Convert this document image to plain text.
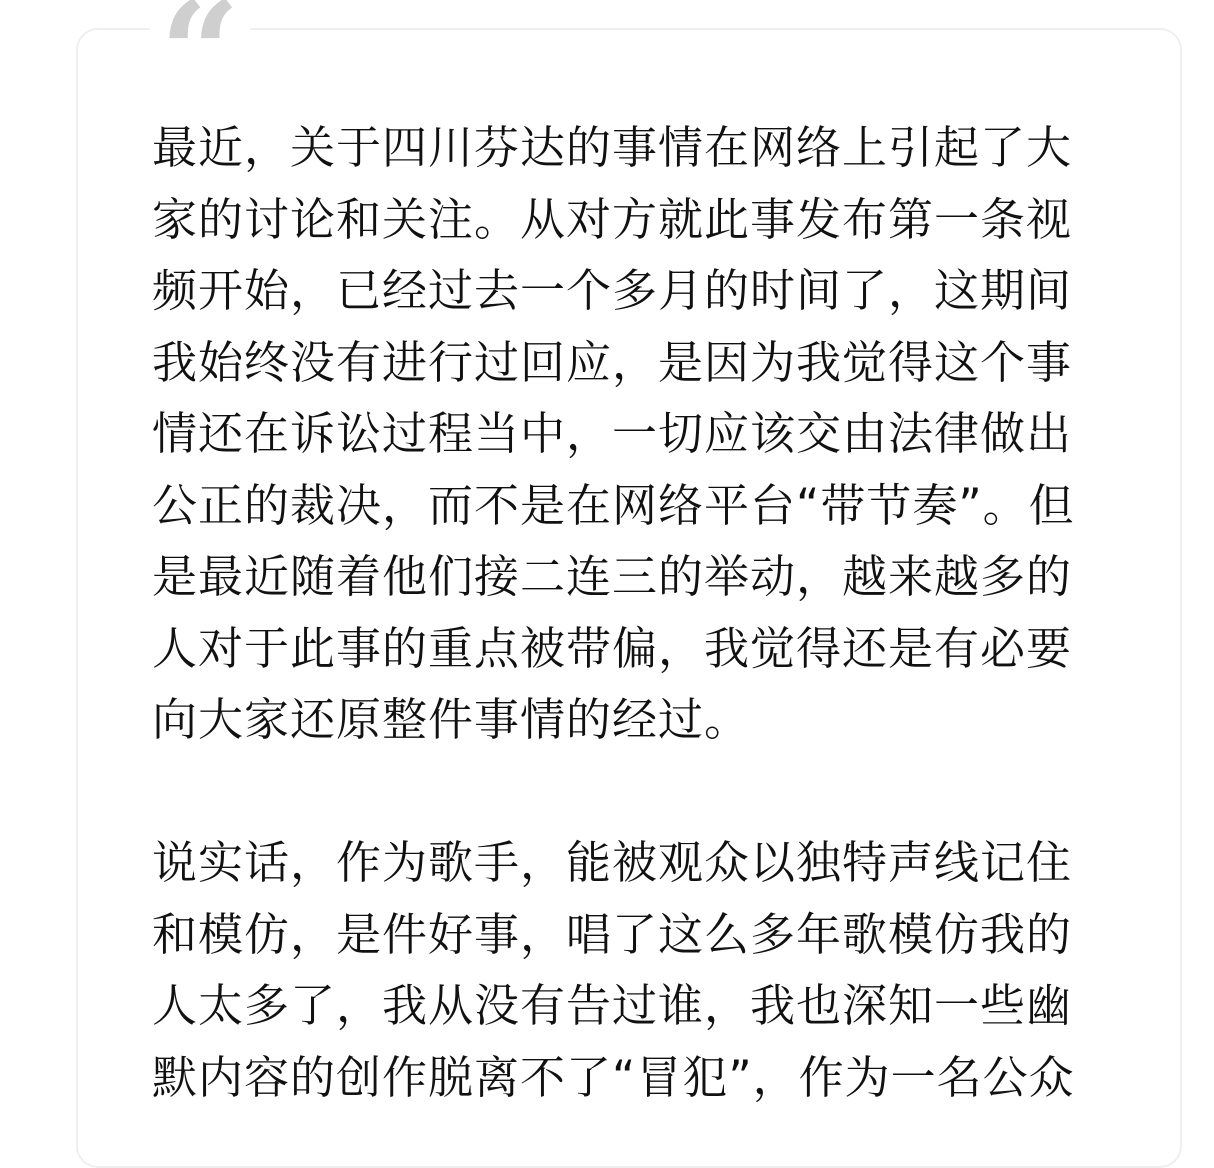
最近，关于四川芬达的事情在网络上引起了大

家的讨论和关注。从对方就此事发布第一条视

频开始，已经过去一个多月的时间了，这期间

我始终没有进行过回应，是因为我觉得这个事

情还在诉讼过程当中，一切应该交由法律做出

公正的裁决，而不是在网络平台“带节奏”。但

是最近随着他们接二连三的举动，越来越多的

人对于此事的重点被带偏，我觉得还是有必要

向大家还原整件事情的经过。

说实话，作为歌手，能被观众以独特声线记住

和模仿，是件好事，唱了这么多年歌模仿我的

人太多了，我从没有告过谁，我也深知一些幽

默内容的创作脱离不了“冒犯”，作为一名公众
